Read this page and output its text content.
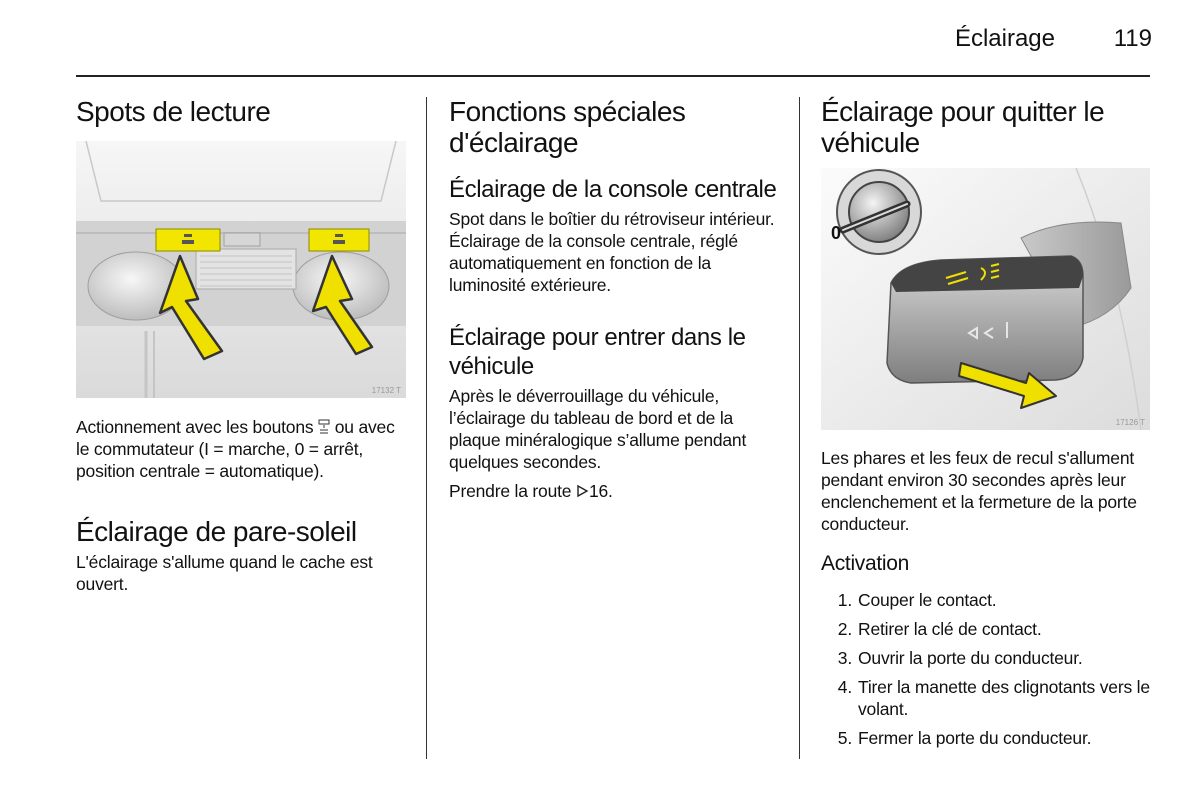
Éclairage 119
Spots de lecture
17132 T

Actionnement avec les boutons  ou avec le commutateur (I = marche, 0 = arrêt, position centrale = automatique).

Éclairage de pare-soleil

L'éclairage s'allume quand le cache est ouvert.

Fonctions spéciales d'éclairage
Éclairage de la console centrale

Spot dans le boîtier du rétroviseur intérieur. Éclairage de la console centrale, réglé automatiquement en fonction de la luminosité extérieure.

Éclairage pour entrer dans le véhicule

Après le déverrouillage du véhicule, l’éclairage du tableau de bord et de la plaque minéralogique s’allume pendant quelques secondes.

Prendre la route 16.

Éclairage pour quitter le véhicule
0
17126 T

Les phares et les feux de recul s'allument pendant environ 30 secondes après leur enclenchement et la fermeture de la porte conducteur.

Activation
1. Couper le contact.
2. Retirer la clé de contact.
3. Ouvrir la porte du conducteur.
4. Tirer la manette des clignotants vers le volant.
5. Fermer la porte du conducteur.
